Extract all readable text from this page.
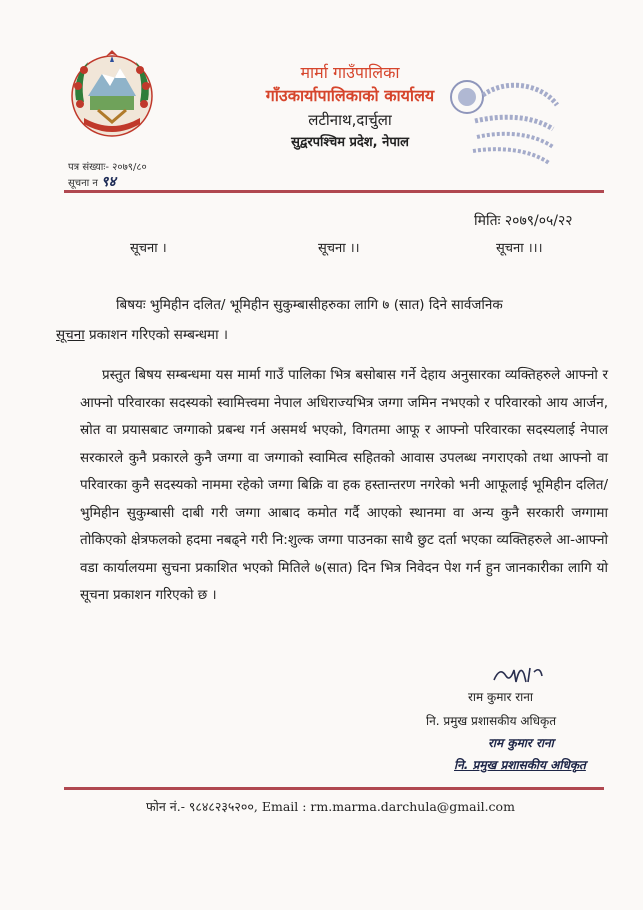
मार्मा गाउँपालिका
गाँउकार्यापालिकाको कार्यालय
लटीनाथ,दार्चुला
सुद्वरपश्चिम प्रदेश, नेपाल
पत्र संख्याः- २०७९/८०
सूचना न ९४
मितिः २०७९/०५/२२
सूचना ।	सूचना ।।	सूचना ।।।
बिषयः भुमिहीन दलित/ भूमिहीन सुकुम्बासीहरुका लागि ७ (सात) दिने सार्वजनिक
सूचना प्रकाशन गरिएको सम्बन्धमा ।
प्रस्तुत बिषय सम्बन्धमा यस मार्मा गाउँ पालिका भित्र बसोबास गर्ने देहाय अनुसारका व्यक्तिहरुले आफ्नो र आफ्नो परिवारका सदस्यको स्वामित्त्वमा नेपाल अधिराज्यभित्र जग्गा जमिन नभएको र परिवारको आय आर्जन, स्रोत वा प्रयासबाट जग्गाको प्रबन्ध गर्न असमर्थ भएको, विगतमा आफू र आफ्नो परिवारका सदस्यलाई नेपाल सरकारले कुनै प्रकारले कुनै जग्गा वा जग्गाको स्वामित्व सहितको आवास उपलब्ध नगराएको तथा आफ्नो वा परिवारका कुनै सदस्यको नाममा रहेको जग्गा बिक्रि वा हक हस्तान्तरण नगरेको भनी आफूलाई भूमिहीन दलित/भुमिहीन सुकुम्बासी दाबी गरी जग्गा आबाद कमोत गर्दै आएको स्थानमा वा अन्य कुनै सरकारी जग्गामा तोकिएको क्षेत्रफलको हदमा नबढ्ने गरी नि:शुल्क जग्गा पाउनका साथै छुट दर्ता भएका व्यक्तिहरुले आ-आफ्नो वडा कार्यालयमा सुचना प्रकाशित भएको मितिले ७(सात) दिन भित्र निवेदन पेश गर्न हुन जानकारीका लागि यो सूचना प्रकाशन गरिएको छ ।
राम कुमार राना
नि. प्रमुख प्रशासकीय अधिकृत
राम कुमार राना
नि. प्रमुख प्रशासकीय अधिकृत
फोन नं.- ९८४८२३५२००, Email : rm.marma.darchula@gmail.com
